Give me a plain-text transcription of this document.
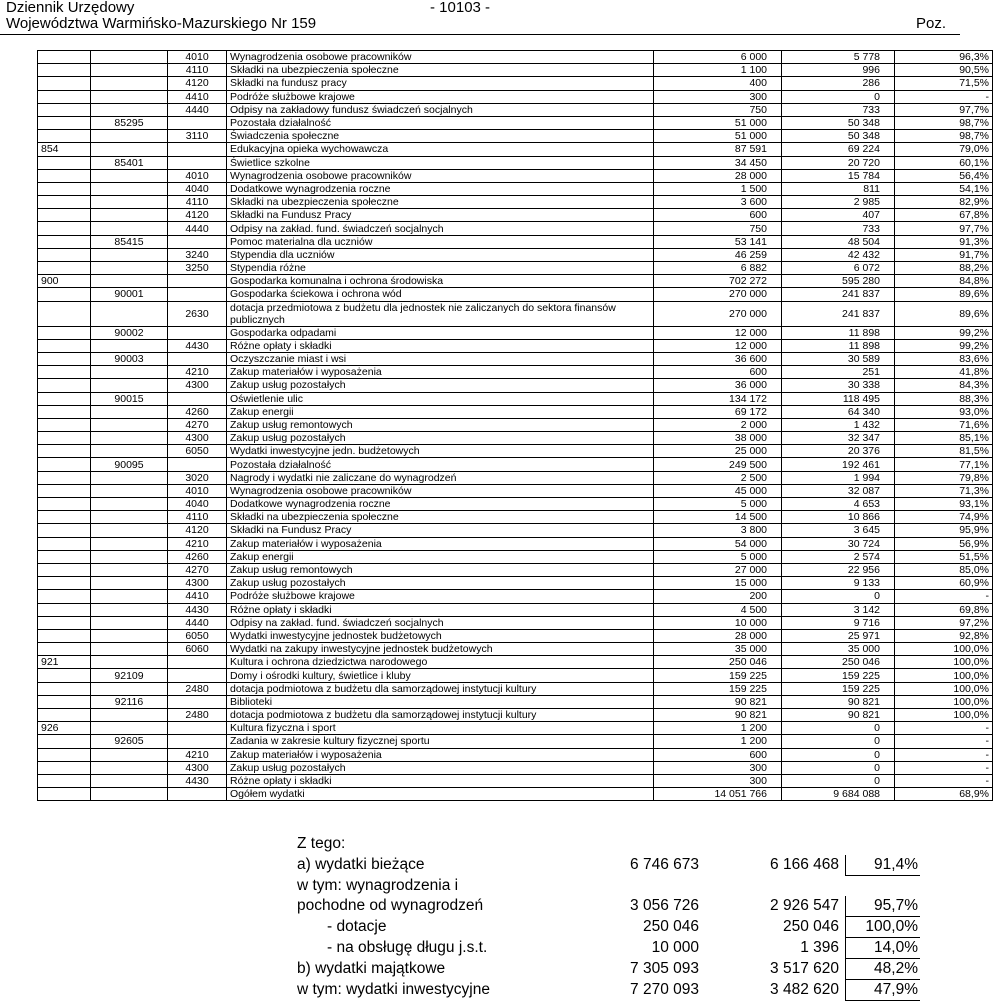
Dziennik Urzędowy
Województwa Warmińsko-Mazurskiego Nr 159
- 10103 -
Poz.
		4010	Wynagrodzenia osobowe pracowników	6 000	5 778	96,3%
		4110	Składki na ubezpieczenia społeczne	1 100	996	90,5%
		4120	Składki na fundusz pracy	400	286	71,5%
		4410	Podróże służbowe krajowe	300	0	-
		4440	Odpisy na zakładowy fundusz świadczeń socjalnych	750	733	97,7%
	85295		Pozostała działalność	51 000	50 348	98,7%
		3110	Świadczenia społeczne	51 000	50 348	98,7%
854			Edukacyjna opieka wychowawcza	87 591	69 224	79,0%
	85401		Świetlice szkolne	34 450	20 720	60,1%
		4010	Wynagrodzenia osobowe pracowników	28 000	15 784	56,4%
		4040	Dodatkowe wynagrodzenia roczne	1 500	811	54,1%
		4110	Składki na ubezpieczenia społeczne	3 600	2 985	82,9%
		4120	Składki na Fundusz Pracy	600	407	67,8%
		4440	Odpisy na zakład. fund. świadczeń socjalnych	750	733	97,7%
	85415		Pomoc materialna dla uczniów	53 141	48 504	91,3%
		3240	Stypendia dla uczniów	46 259	42 432	91,7%
		3250	Stypendia różne	6 882	6 072	88,2%
900			Gospodarka komunalna i ochrona środowiska	702 272	595 280	84,8%
	90001		Gospodarka ściekowa i ochrona wód	270 000	241 837	89,6%
		2630	dotacja przedmiotowa z budżetu dla jednostek nie zaliczanych do sektora finansów publicznych	270 000	241 837	89,6%
	90002		Gospodarka odpadami	12 000	11 898	99,2%
		4430	Różne opłaty i składki	12 000	11 898	99,2%
	90003		Oczyszczanie miast i wsi	36 600	30 589	83,6%
		4210	Zakup materiałów i wyposażenia	600	251	41,8%
		4300	Zakup usług pozostałych	36 000	30 338	84,3%
	90015		Oświetlenie ulic	134 172	118 495	88,3%
		4260	Zakup energii	69 172	64 340	93,0%
		4270	Zakup usług remontowych	2 000	1 432	71,6%
		4300	Zakup usług pozostałych	38 000	32 347	85,1%
		6050	Wydatki inwestycyjne jedn. budżetowych	25 000	20 376	81,5%
	90095		Pozostała działalność	249 500	192 461	77,1%
		3020	Nagrody i wydatki nie zaliczane do wynagrodzeń	2 500	1 994	79,8%
		4010	Wynagrodzenia osobowe pracowników	45 000	32 087	71,3%
		4040	Dodatkowe wynagrodzenia roczne	5 000	4 653	93,1%
		4110	Składki na ubezpieczenia społeczne	14 500	10 866	74,9%
		4120	Składki na Fundusz Pracy	3 800	3 645	95,9%
		4210	Zakup materiałów i wyposażenia	54 000	30 724	56,9%
		4260	Zakup energii	5 000	2 574	51,5%
		4270	Zakup usług remontowych	27 000	22 956	85,0%
		4300	Zakup usług pozostałych	15 000	9 133	60,9%
		4410	Podróże służbowe krajowe	200	0	-
		4430	Różne opłaty i składki	4 500	3 142	69,8%
		4440	Odpisy na zakład. fund. świadczeń socjalnych	10 000	9 716	97,2%
		6050	Wydatki inwestycyjne jednostek budżetowych	28 000	25 971	92,8%
		6060	Wydatki na zakupy inwestycyjne jednostek budżetowych	35 000	35 000	100,0%
921			Kultura i ochrona dziedzictwa narodowego	250 046	250 046	100,0%
	92109		Domy i ośrodki kultury, świetlice i kluby	159 225	159 225	100,0%
		2480	dotacja podmiotowa z budżetu dla samorządowej instytucji kultury	159 225	159 225	100,0%
	92116		Biblioteki	90 821	90 821	100,0%
		2480	dotacja podmiotowa z budżetu dla samorządowej instytucji kultury	90 821	90 821	100,0%
926			Kultura fizyczna i sport	1 200	0	-
	92605		Zadania w zakresie kultury fizycznej sportu	1 200	0	-
		4210	Zakup materiałów i wyposażenia	600	0	-
		4300	Zakup usług pozostałych	300	0	-
		4430	Różne opłaty i składki	300	0	-
			Ogółem wydatki	14 051 766	9 684 088	68,9%
Z tego:
a) wydatki bieżące	6 746 673	6 166 468	91,4%
w tym: wynagrodzenia i			
pochodne od wynagrodzeń	3 056 726	2 926 547	95,7%
- dotacje	250 046	250 046	100,0%
- na obsługę długu j.s.t.	10 000	1 396	14,0%
b) wydatki majątkowe	7 305 093	3 517 620	48,2%
w tym: wydatki inwestycyjne	7 270 093	3 482 620	47,9%
